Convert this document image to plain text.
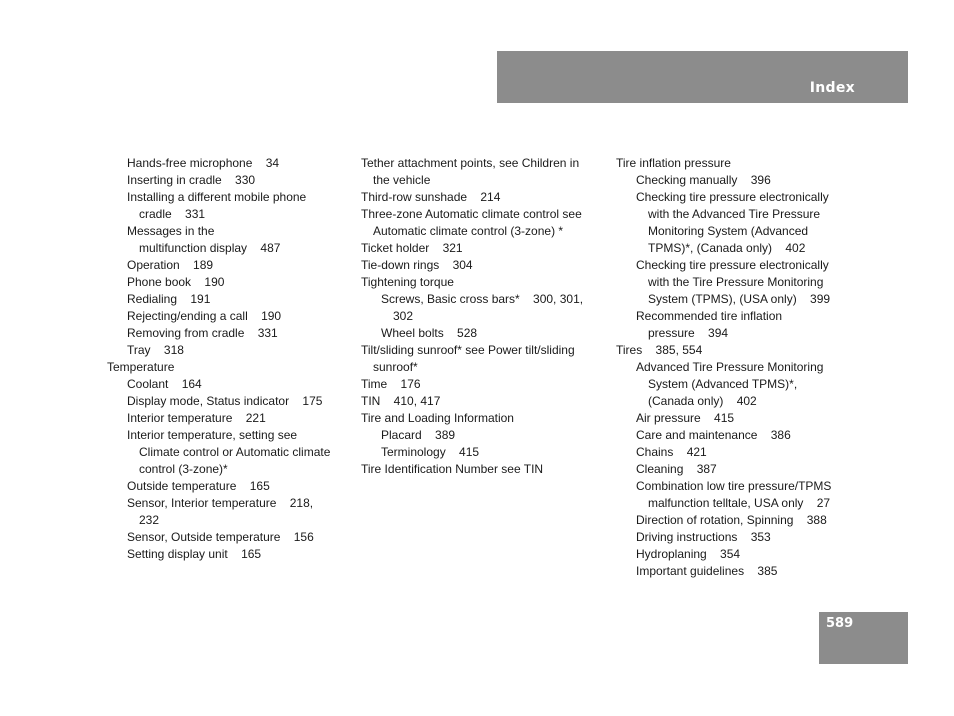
Index
Hands-free microphone    34
Inserting in cradle    330
Installing a different mobile phone
cradle    331
Messages in the
multifunction display    487
Operation    189
Phone book    190
Redialing    191
Rejecting/ending a call    190
Removing from cradle    331
Tray    318
Temperature
Coolant    164
Display mode, Status indicator    175
Interior temperature    221
Interior temperature, setting see
Climate control or Automatic climate
control (3-zone)*
Outside temperature    165
Sensor, Interior temperature    218,
232
Sensor, Outside temperature    156
Setting display unit    165
Tether attachment points, see Children in
the vehicle
Third-row sunshade    214
Three-zone Automatic climate control see
Automatic climate control (3-zone) *
Ticket holder    321
Tie-down rings    304
Tightening torque
Screws, Basic cross bars*    300, 301,
302
Wheel bolts    528
Tilt/sliding sunroof* see Power tilt/sliding
sunroof*
Time    176
TIN    410, 417
Tire and Loading Information
Placard    389
Terminology    415
Tire Identification Number see TIN
Tire inflation pressure
Checking manually    396
Checking tire pressure electronically
with the Advanced Tire Pressure
Monitoring System (Advanced
TPMS)*, (Canada only)    402
Checking tire pressure electronically
with the Tire Pressure Monitoring
System (TPMS), (USA only)    399
Recommended tire inflation
pressure    394
Tires    385, 554
Advanced Tire Pressure Monitoring
System (Advanced TPMS)*,
(Canada only)    402
Air pressure    415
Care and maintenance    386
Chains    421
Cleaning    387
Combination low tire pressure/TPMS
malfunction telltale, USA only    27
Direction of rotation, Spinning    388
Driving instructions    353
Hydroplaning    354
Important guidelines    385
589
